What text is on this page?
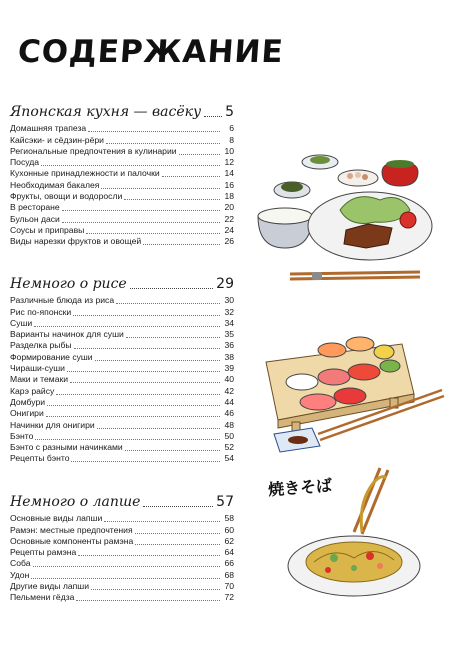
СОДЕРЖАНИЕ
Японская кухня — васёку 5
Домашняя трапеза	6
Кайсэки- и сёдзин-рёри	8
Региональные предпочтения в кулинарии	10
Посуда	12
Кухонные принадлежности и палочки	14
Необходимая бакалея	16
Фрукты, овощи и водоросли	18
В ресторане	20
Бульон даси	22
Соусы и приправы	24
Виды нарезки фруктов и овощей	26
Немного о рисе	29
Различные блюда из риса	30
Рис по-японски	32
Суши	34
Варианты начинок для суши	35
Разделка рыбы	36
Формирование суши	38
Чираши-суши	39
Маки и темаки	40
Карэ райсу	42
Домбури	44
Онигири	46
Начинки для онигири	48
Бэнто	50
Бэнто с разными начинками	52
Рецепты бэнто	54
Немного о лапше	57
Основные виды лапши	58
Рамэн: местные предпочтения	60
Основные компоненты рамэна	62
Рецепты рамэна	64
Соба	66
Удон	68
Другие виды лапши	70
Пельмени гёдза	72
焼きそば
